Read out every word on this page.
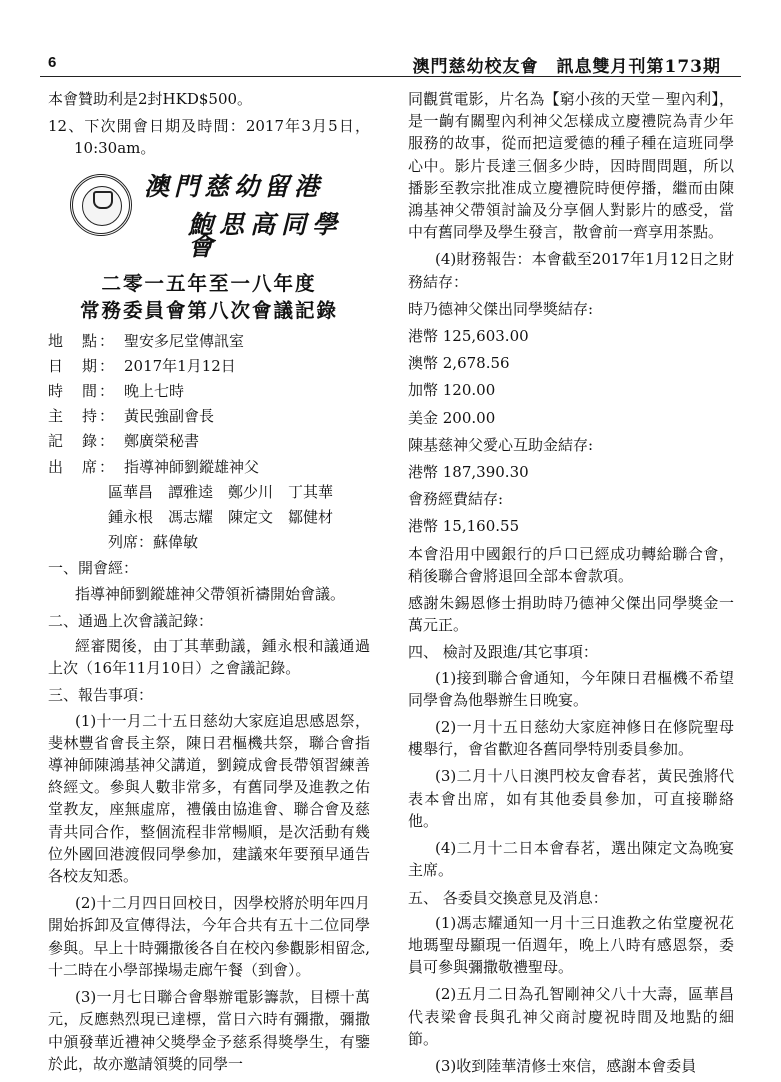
6	澳門慈幼校友會　訊息雙月刊第173期

本會贊助利是2封HKD$500。

12、下次開會日期及時間：2017年3月5日，10:30am。

澳門慈幼留港
鮑思高同學會
二零一五年至一八年度
常務委員會第八次會議記錄
地　點： 聖安多尼堂傳訊室
日　期： 2017年1月12日
時　間： 晚上七時
主　持： 黃民強副會長
記　錄： 鄭廣榮秘書
出　席： 指導神師劉鏦雄神父
區華昌　譚雅逵　鄭少川　丁其華
鍾永根　馮志耀　陳定文　鄒健材
列席：蘇偉敏

一、開會經：

指導神師劉鏦雄神父帶領祈禱開始會議。

二、通過上次會議記錄：

經審閱後，由丁其華動議，鍾永根和議通過上次（16年11月10日）之會議記錄。

三、報告事項：

(1)十一月二十五日慈幼大家庭追思感恩祭，斐林豐省會長主祭，陳日君樞機共祭，聯合會指導神師陳鴻基神父講道，劉鏡成會長帶領習練善終經文。參與人數非常多，有舊同學及進教之佑堂教友，座無虛席，禮儀由協進會、聯合會及慈青共同合作，整個流程非常暢順，是次活動有幾位外國回港渡假同學參加，建議來年要預早通告各校友知悉。

(2)十二月四日回校日，因學校將於明年四月開始拆卸及宣傳得法，今年合共有五十二位同學參與。早上十時彌撒後各自在校內參觀影相留念,十二時在小學部操場走廊午餐（到會）。

(3)一月七日聯合會舉辦電影籌款，目標十萬元，反應熱烈現已達標，當日六時有彌撒，彌撒中頒發華近禮神父獎學金予慈系得獎學生，有鑒於此，故亦邀請領獎的同學一

同觀賞電影，片名為【窮小孩的天堂－聖內利】，是一齣有關聖內利神父怎樣成立慶禮院為青少年服務的故事，從而把這愛德的種子種在這班同學心中。影片長達三個多少時，因時間問題，所以播影至教宗批准成立慶禮院時便停播，繼而由陳鴻基神父帶領討論及分享個人對影片的感受，當中有舊同學及學生發言，散會前一齊享用茶點。

(4)財務報告：本會截至2017年1月12日之財務結存：

時乃德神父傑出同學獎結存:

港幣 125,603.00

澳幣 2,678.56

加幣 120.00

美金 200.00

陳基慈神父愛心互助金結存:

港幣 187,390.30

會務經費結存:

港幣 15,160.55

本會沿用中國銀行的戶口已經成功轉給聯合會，稍後聯合會將退回全部本會款項。

感謝朱錫恩修士捐助時乃德神父傑出同學獎金一萬元正。

四、 檢討及跟進/其它事項：

(1)接到聯合會通知，今年陳日君樞機不希望同學會為他舉辦生日晚宴。

(2)一月十五日慈幼大家庭神修日在修院聖母樓舉行，會省歡迎各舊同學特別委員參加。

(3)二月十八日澳門校友會春茗，黃民強將代表本會出席，如有其他委員參加，可直接聯絡他。

(4)二月十二日本會春茗，選出陳定文為晚宴主席。

五、 各委員交換意見及消息：

(1)馮志耀通知一月十三日進教之佑堂慶祝花地瑪聖母顯現一佰週年，晚上八時有感恩祭，委員可參與彌撒敬禮聖母。

(2)五月二日為孔智剛神父八十大壽，區華昌代表梁會長與孔神父商討慶祝時間及地點的細節。

(3)收到陸華清修士來信，感謝本會委員
